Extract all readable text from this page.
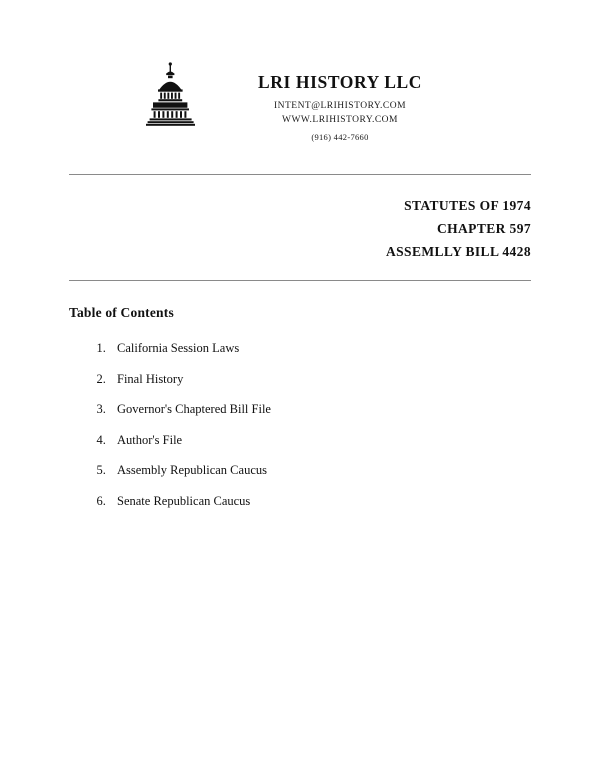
LRI HISTORY LLC
INTENT@LRIHISTORY.COM
WWW.LRIHISTORY.COM
(916) 442-7660
STATUTES OF 1974
CHAPTER 597
ASSEMLLY BILL 4428
Table of Contents
1. California Session Laws
2. Final History
3. Governor's Chaptered Bill File
4. Author's File
5. Assembly Republican Caucus
6. Senate Republican Caucus
